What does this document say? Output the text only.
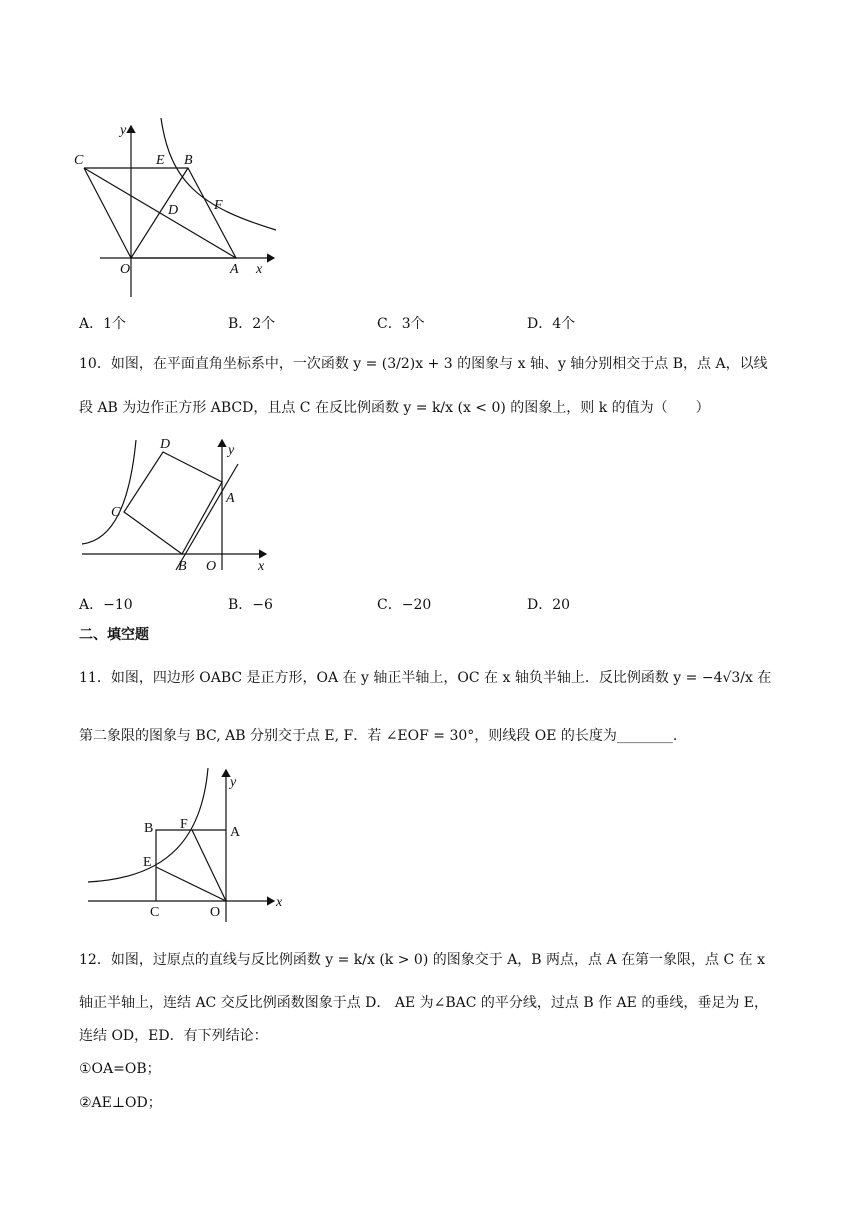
y
x
C	E B
D	F
O	A
A．1个	B．2个	C．3个	D．4个
10．如图，在平面直角坐标系中，一次函数 y = (3/2)x + 3 的图象与 x 轴、y 轴分别相交于点 B，点 A，以线
段 AB 为边作正方形 ABCD，且点 C 在反比例函数 y = k/x (x < 0) 的图象上，则 k 的值为（　　）
D	y
C
A
B O	x
A．−10	B．−6	C．−20	D．20
二、填空题
11．如图，四边形 OABC 是正方形，OA 在 y 轴正半轴上，OC 在 x 轴负半轴上．反比例函数 y = −4√3/x 在
第二象限的图象与 BC, AB 分别交于点 E, F．若 ∠EOF = 30°，则线段 OE 的长度为________.
y
B F
A
E
C	O
x
12．如图，过原点的直线与反比例函数 y = k/x (k > 0) 的图象交于 A，B 两点，点 A 在第一象限，点 C 在 x
轴正半轴上，连结 AC 交反比例函数图象于点 D． AE 为∠BAC 的平分线，过点 B 作 AE 的垂线，垂足为 E，
连结 OD，ED．有下列结论：
①OA=OB；
②AE⊥OD；
